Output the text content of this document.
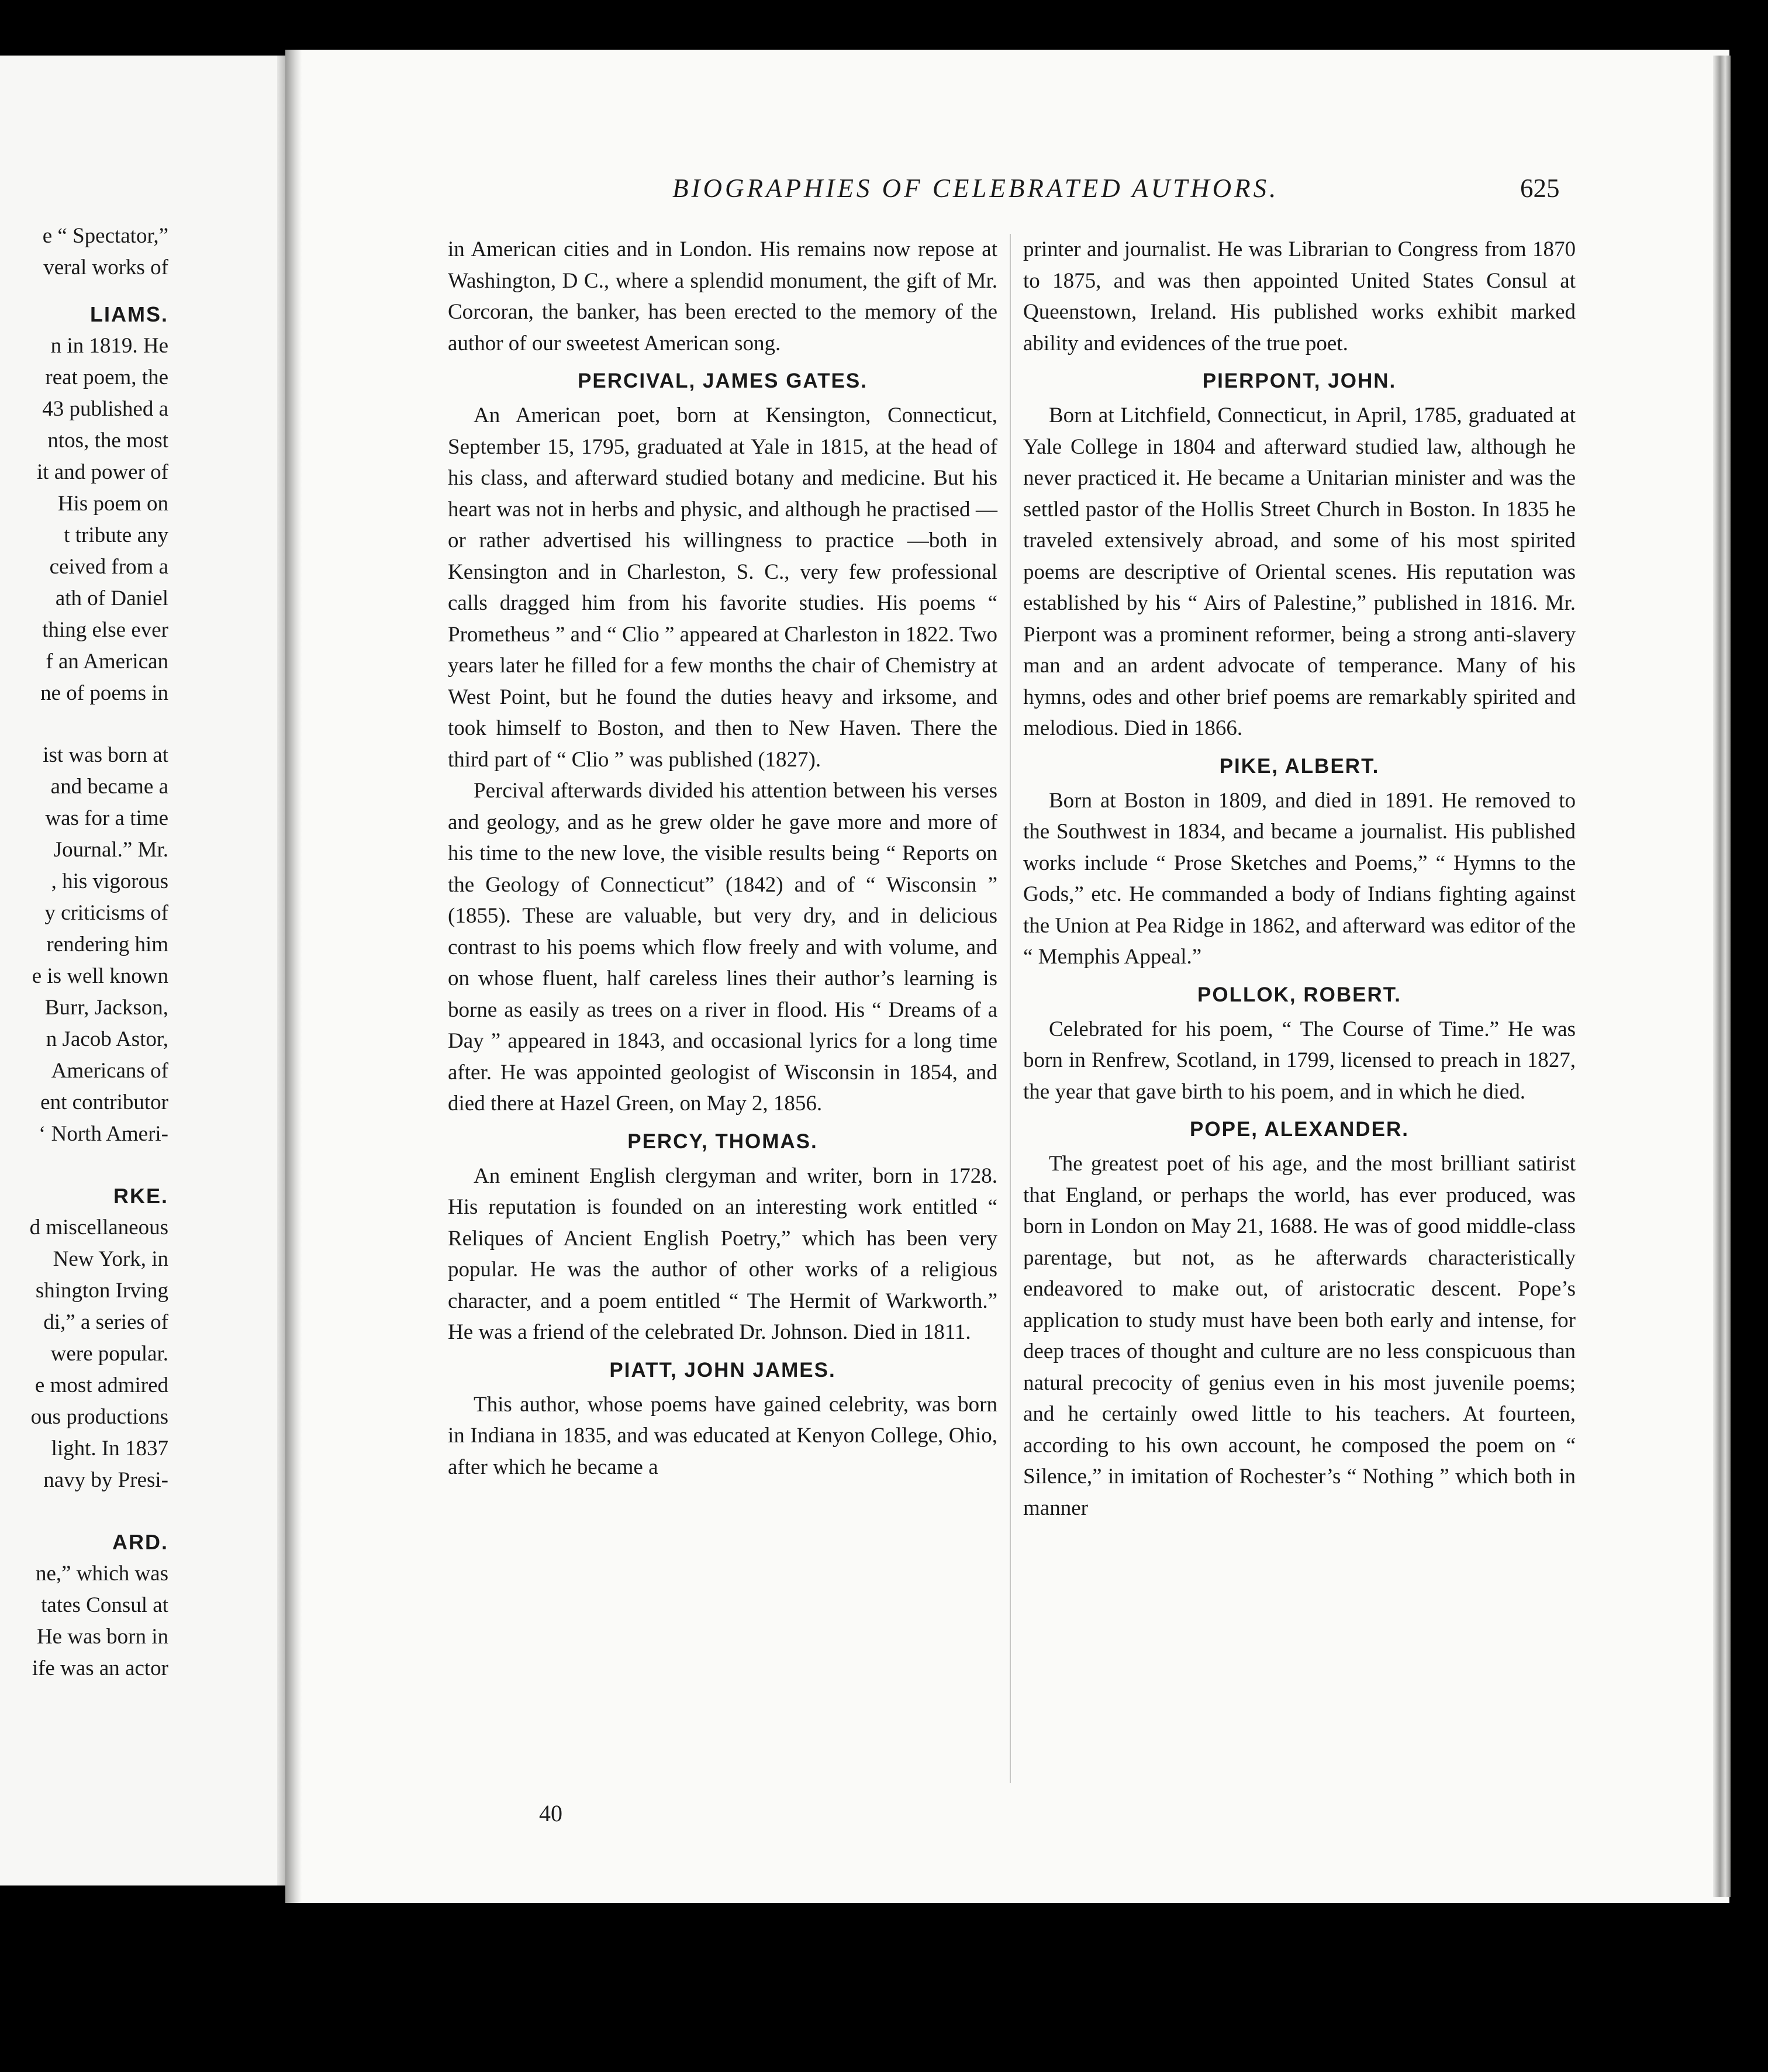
e “ Spectator,”
veral works of
LIAMS.
n in 1819. He
reat poem, the
43 published a
ntos, the most
it and power of
His poem on
t tribute any
ceived from a
ath of Daniel
thing else ever
f an American
ne of poems in
ist was born at
and became a
was for a time
Journal.” Mr.
, his vigorous
y criticisms of
rendering him
e is well known
Burr, Jackson,
n Jacob Astor,
Americans of
ent contributor
‘ North Ameri-
RKE.
d miscellaneous
New York, in
shington Irving
di,” a series of
were popular.
e most admired
ous productions
light. In 1837
navy by Presi-
ARD.
ne,” which was
tates Consul at
He was born in
ife was an actor
BIOGRAPHIES OF CELEBRATED AUTHORS.	625

in American cities and in London. His remains now repose at Washington, D C., where a splendid monument, the gift of Mr. Corcoran, the banker, has been erected to the memory of the author of our sweetest American song.

PERCIVAL, JAMES GATES.

An American poet, born at Kensington, Connecticut, September 15, 1795, graduated at Yale in 1815, at the head of his class, and afterward studied botany and medicine. But his heart was not in herbs and physic, and although he practised —or rather advertised his willingness to practice —both in Kensington and in Charleston, S. C., very few professional calls dragged him from his favorite studies. His poems “ Prometheus ” and “ Clio ” appeared at Charleston in 1822. Two years later he filled for a few months the chair of Chemistry at West Point, but he found the duties heavy and irksome, and took himself to Boston, and then to New Haven. There the third part of “ Clio ” was published (1827).

Percival afterwards divided his attention between his verses and geology, and as he grew older he gave more and more of his time to the new love, the visible results being “ Reports on the Geology of Connecticut” (1842) and of “ Wisconsin ” (1855). These are valuable, but very dry, and in delicious contrast to his poems which flow freely and with volume, and on whose fluent, half careless lines their author’s learning is borne as easily as trees on a river in flood. His “ Dreams of a Day ” appeared in 1843, and occasional lyrics for a long time after. He was appointed geologist of Wisconsin in 1854, and died there at Hazel Green, on May 2, 1856.

PERCY, THOMAS.

An eminent English clergyman and writer, born in 1728. His reputation is founded on an interesting work entitled “ Reliques of Ancient English Poetry,” which has been very popular. He was the author of other works of a religious character, and a poem entitled “ The Hermit of Warkworth.” He was a friend of the celebrated Dr. Johnson. Died in 1811.

PIATT, JOHN JAMES.

This author, whose poems have gained celebrity, was born in Indiana in 1835, and was educated at Kenyon College, Ohio, after which he became a

printer and journalist. He was Librarian to Congress from 1870 to 1875, and was then appointed United States Consul at Queenstown, Ireland. His published works exhibit marked ability and evidences of the true poet.

PIERPONT, JOHN.

Born at Litchfield, Connecticut, in April, 1785, graduated at Yale College in 1804 and afterward studied law, although he never practiced it. He became a Unitarian minister and was the settled pastor of the Hollis Street Church in Boston. In 1835 he traveled extensively abroad, and some of his most spirited poems are descriptive of Oriental scenes. His reputation was established by his “ Airs of Palestine,” published in 1816. Mr. Pierpont was a prominent reformer, being a strong anti-slavery man and an ardent advocate of temperance. Many of his hymns, odes and other brief poems are remarkably spirited and melodious. Died in 1866.

PIKE, ALBERT.

Born at Boston in 1809, and died in 1891. He removed to the Southwest in 1834, and became a journalist. His published works include “ Prose Sketches and Poems,” “ Hymns to the Gods,” etc. He commanded a body of Indians fighting against the Union at Pea Ridge in 1862, and afterward was editor of the “ Memphis Appeal.”

POLLOK, ROBERT.

Celebrated for his poem, “ The Course of Time.” He was born in Renfrew, Scotland, in 1799, licensed to preach in 1827, the year that gave birth to his poem, and in which he died.

POPE, ALEXANDER.

The greatest poet of his age, and the most brilliant satirist that England, or perhaps the world, has ever produced, was born in London on May 21, 1688. He was of good middle-class parentage, but not, as he afterwards characteristically endeavored to make out, of aristocratic descent. Pope’s application to study must have been both early and intense, for deep traces of thought and culture are no less conspicuous than natural precocity of genius even in his most juvenile poems; and he certainly owed little to his teachers. At fourteen, according to his own account, he composed the poem on “ Silence,” in imitation of Rochester’s “ Nothing ” which both in manner

40
